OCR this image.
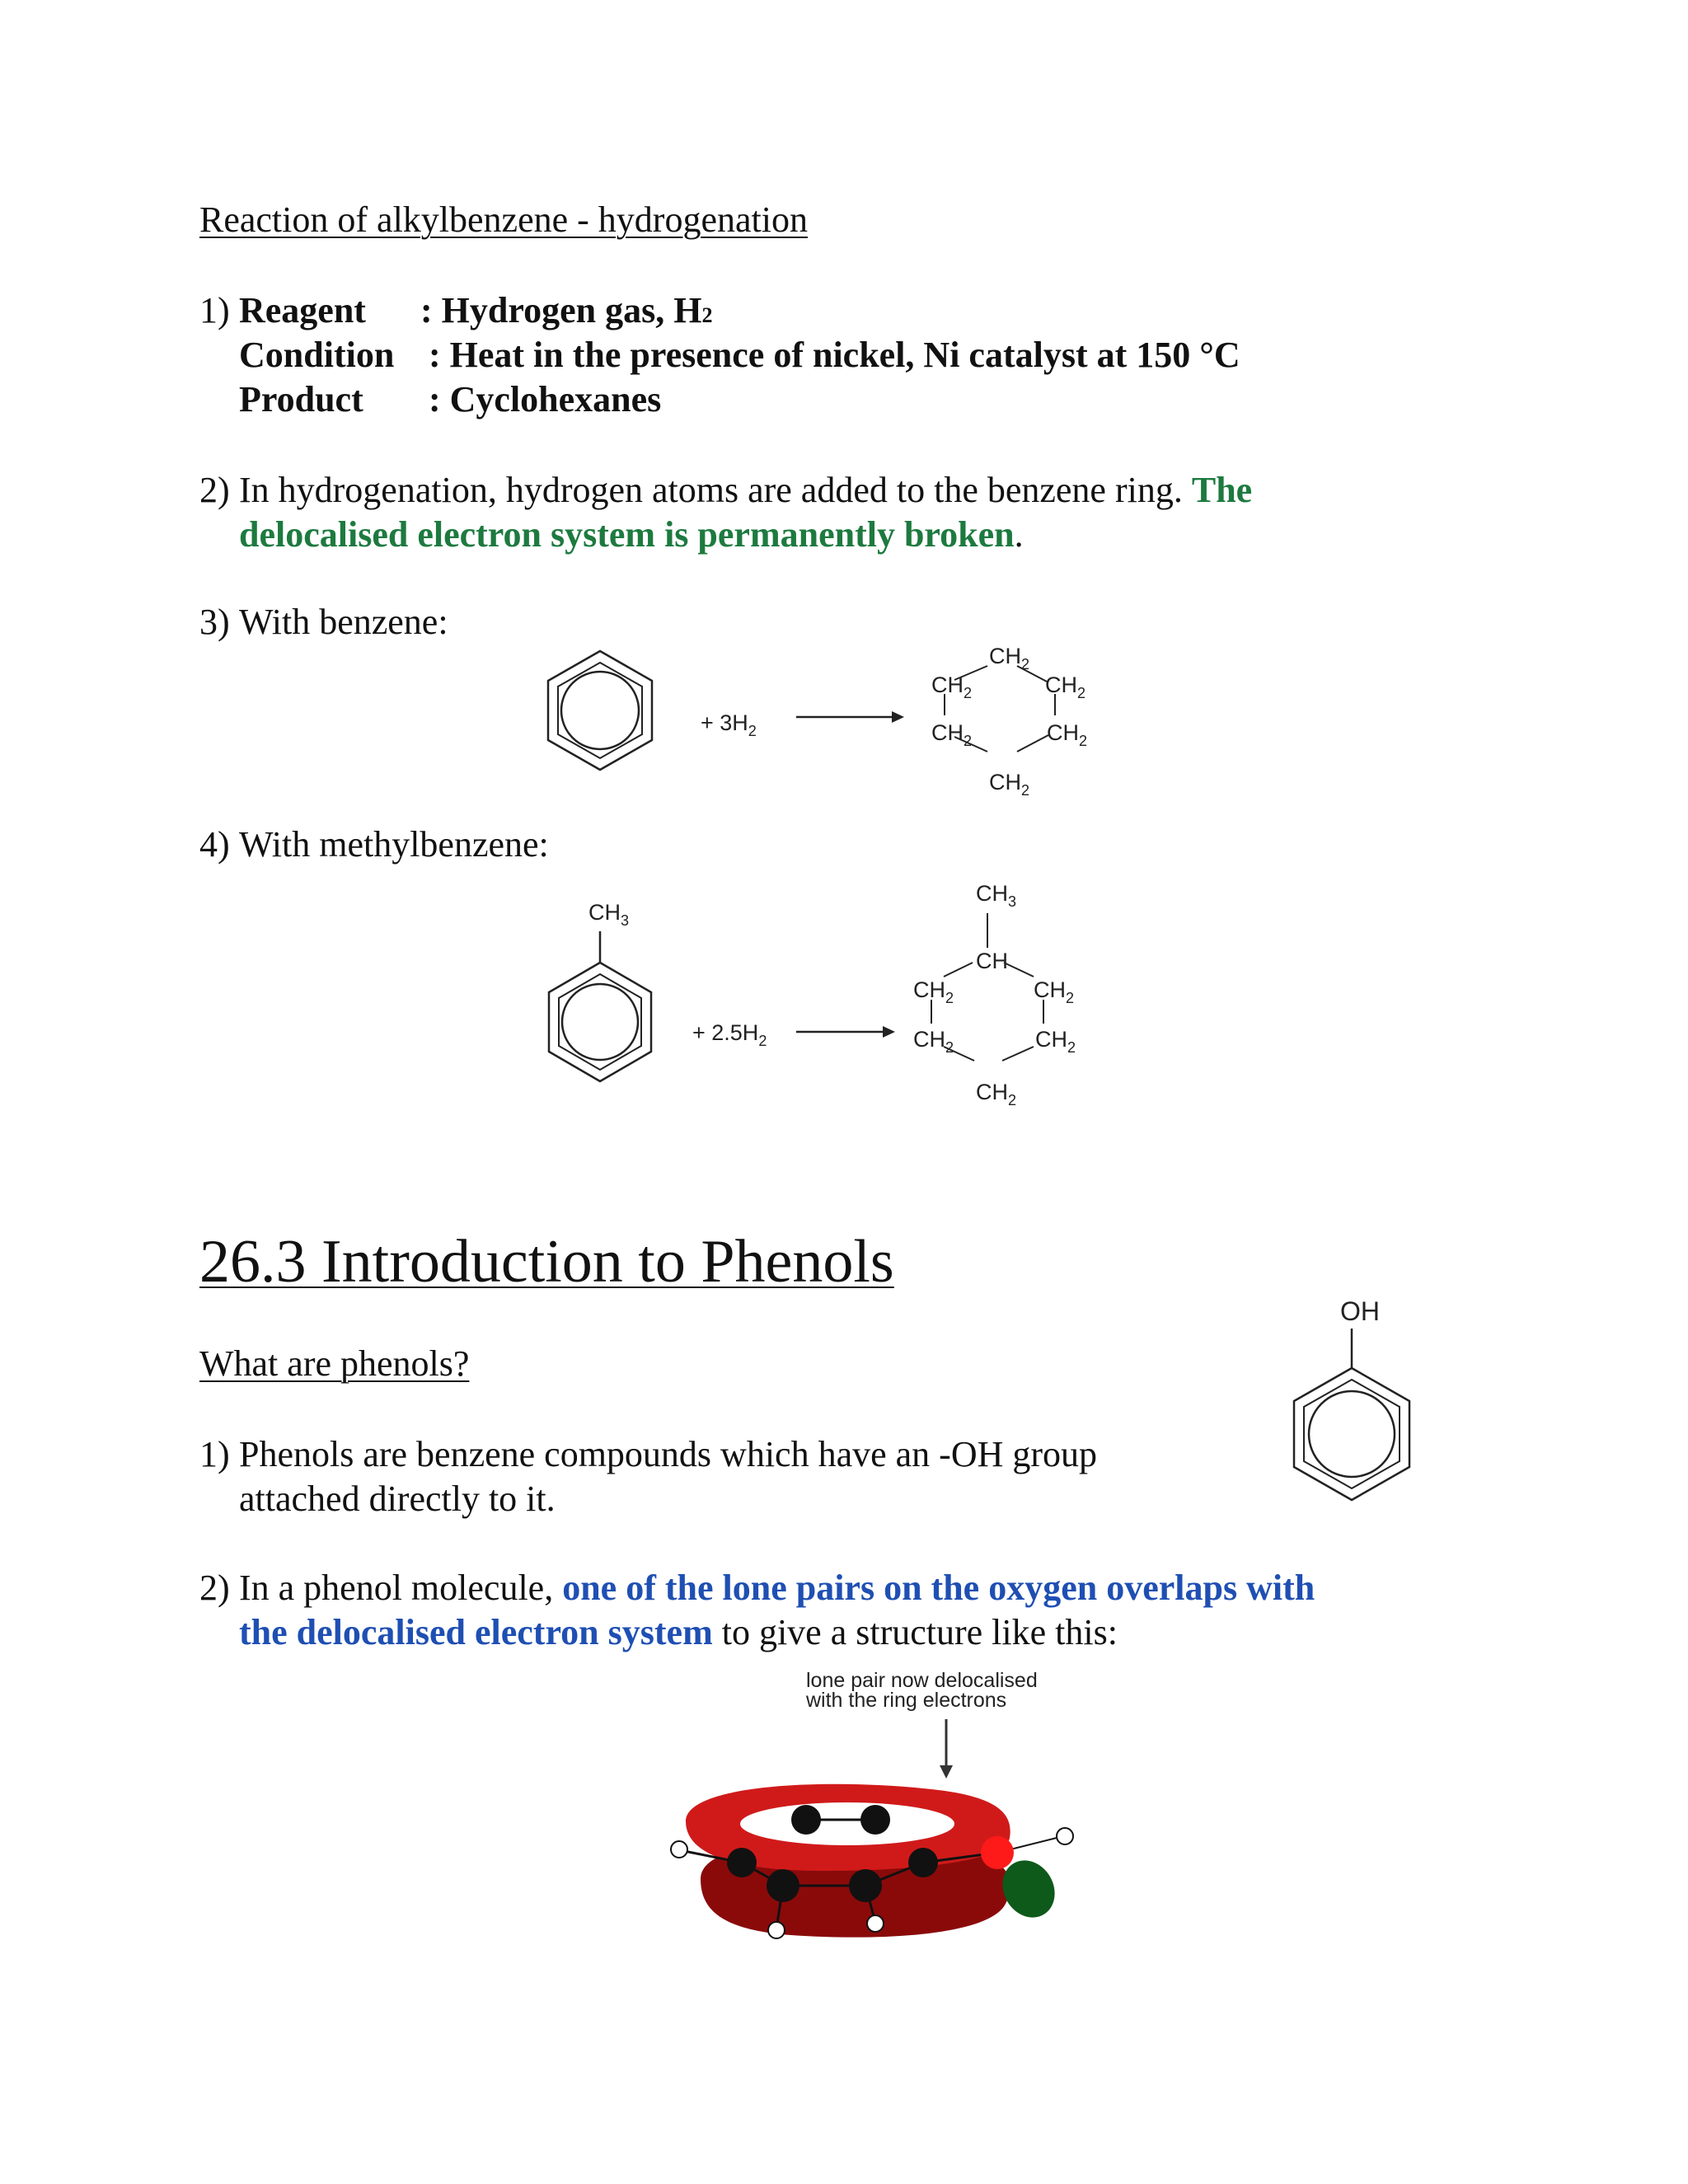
Reaction of alkylbenzene - hydrogenation
1) Reagent : Hydrogen gas, H2
Condition : Heat in the presence of nickel, Ni catalyst at 150 °C
Product : Cyclohexanes
2) In hydrogenation, hydrogen atoms are added to the benzene ring. The
delocalised electron system is permanently broken.
3) With benzene:
+ $3H_2$
$CH_2$
$CH_2$	$CH_2$
$CH_2$	$CH_2$
$CH_2$
4) With methylbenzene:
$CH_3$
+ $2.5H_2$
$CH_3$
CH
$CH_2$	$CH_2$
$CH_2$	$CH_2$
$CH_2$
26.3 Introduction to Phenols
What are phenols?
OH
1) Phenols are benzene compounds which have an -OH group
attached directly to it.
2) In a phenol molecule, one of the lone pairs on the oxygen overlaps with
the delocalised electron system to give a structure like this:
lone pair now delocalised
with the ring electrons
